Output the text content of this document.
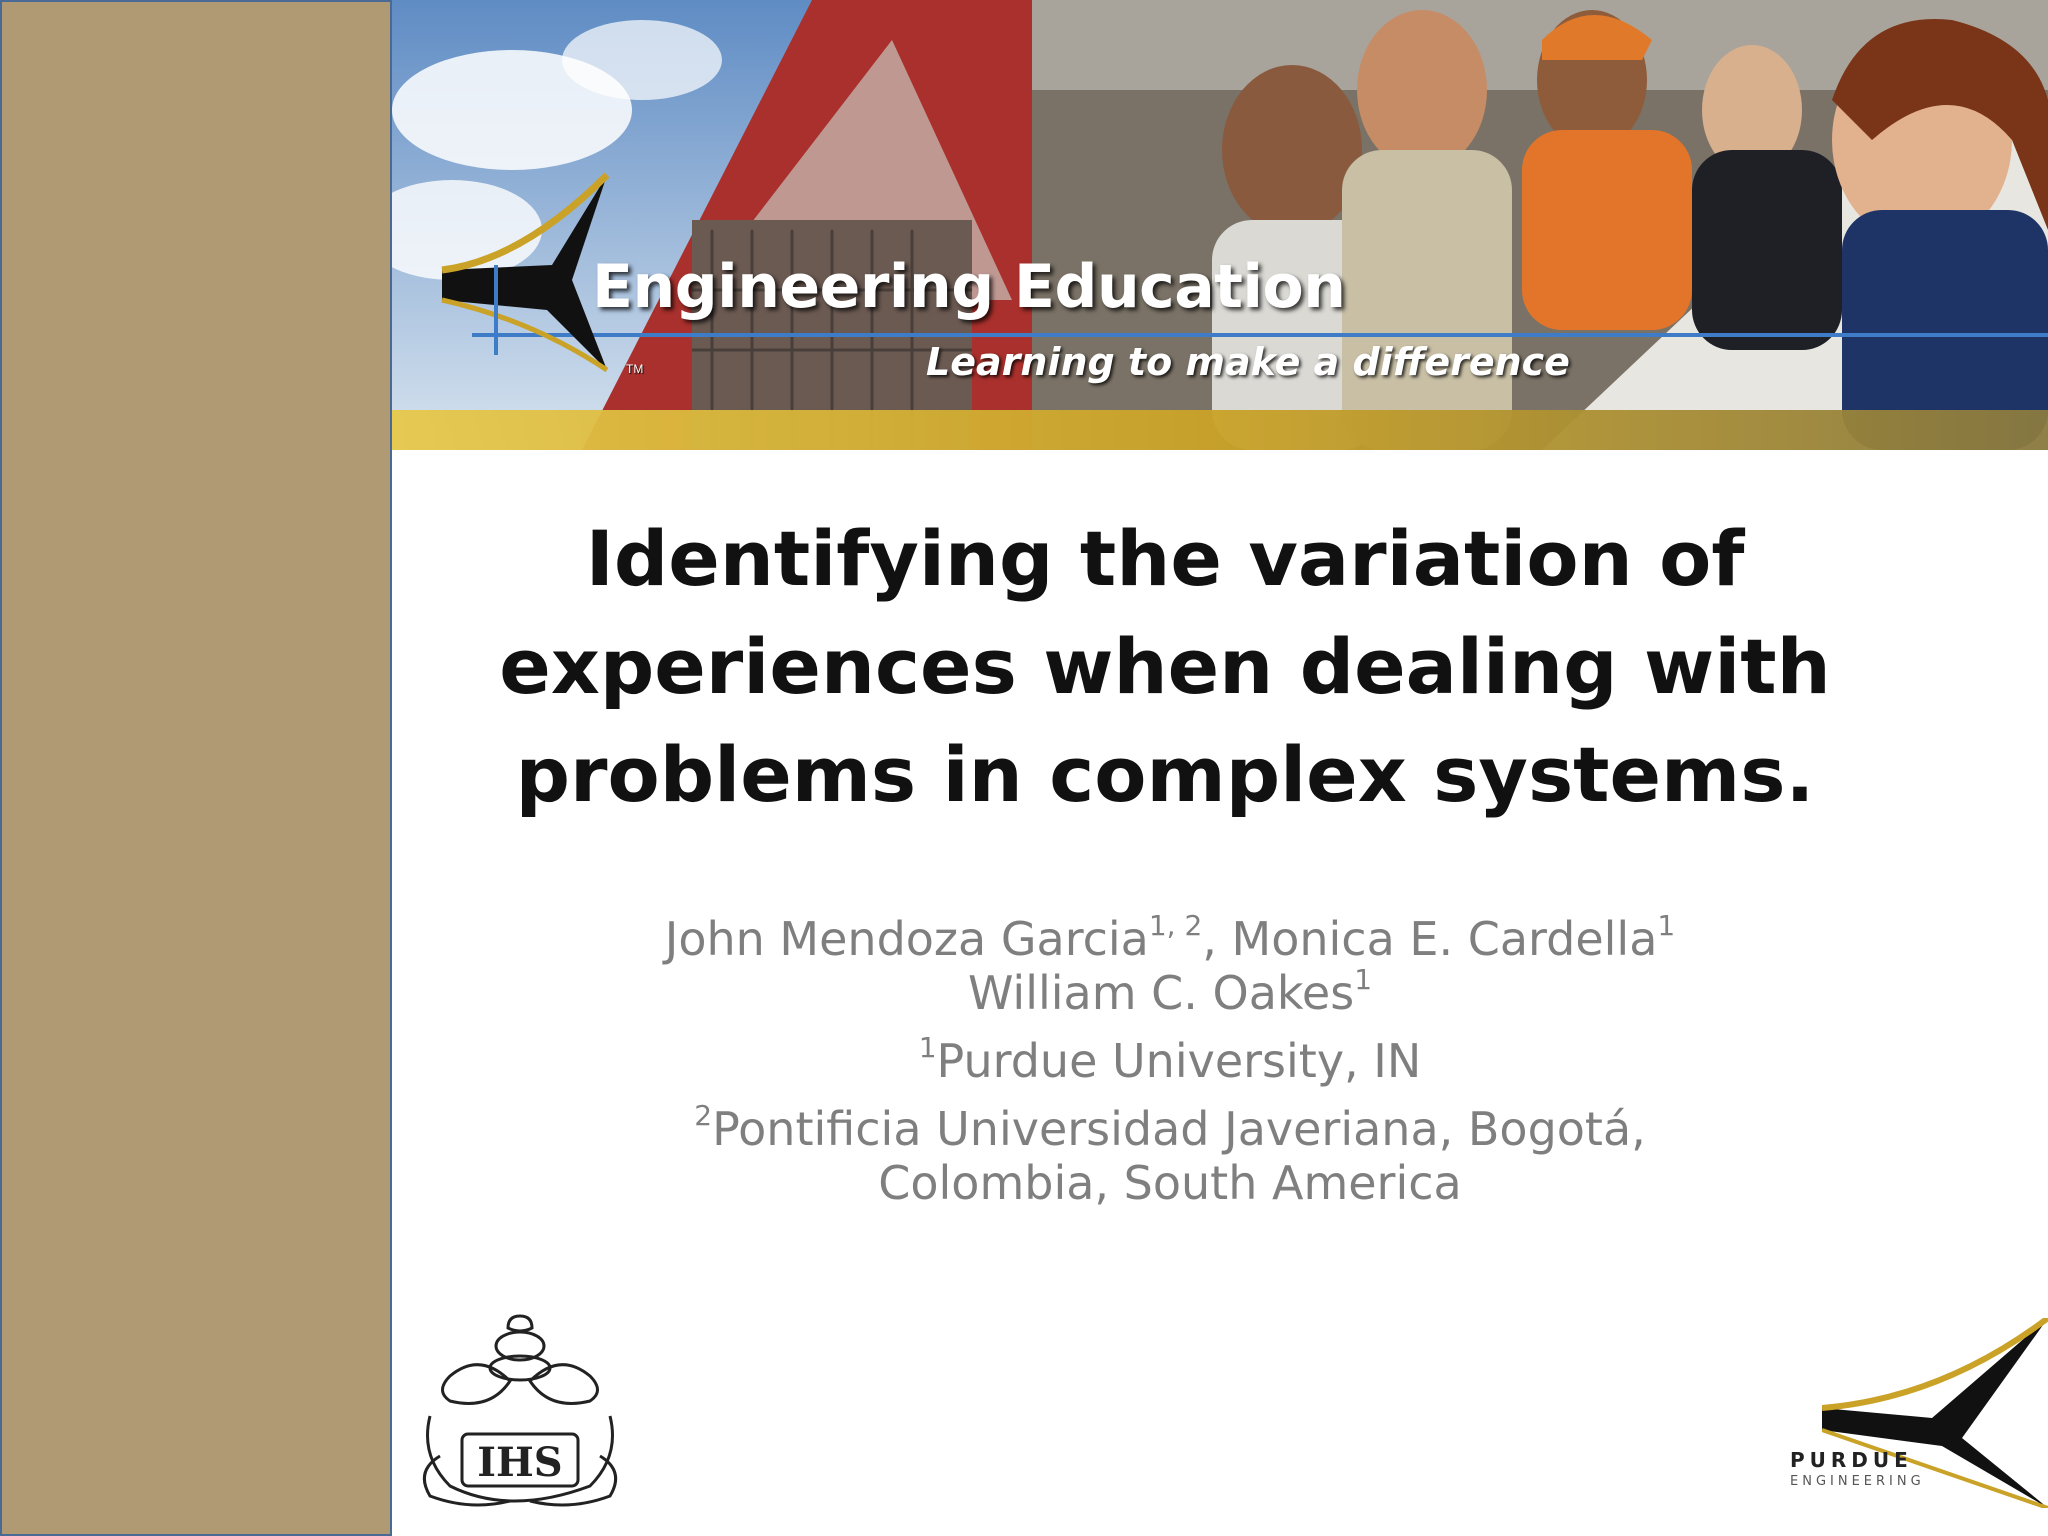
TM
Engineering Education
Learning to make a difference
Identifying the variation of experiences when dealing with problems in complex systems.

John Mendoza Garcia$^{1, 2}$, Monica E. Cardella$^1$

William C. Oakes$^1$

$^1$Purdue University, IN

$^2$Pontificia Universidad Javeriana, Bogotá,

Colombia, South America

IHS	PURDUE
ENGINEERING
